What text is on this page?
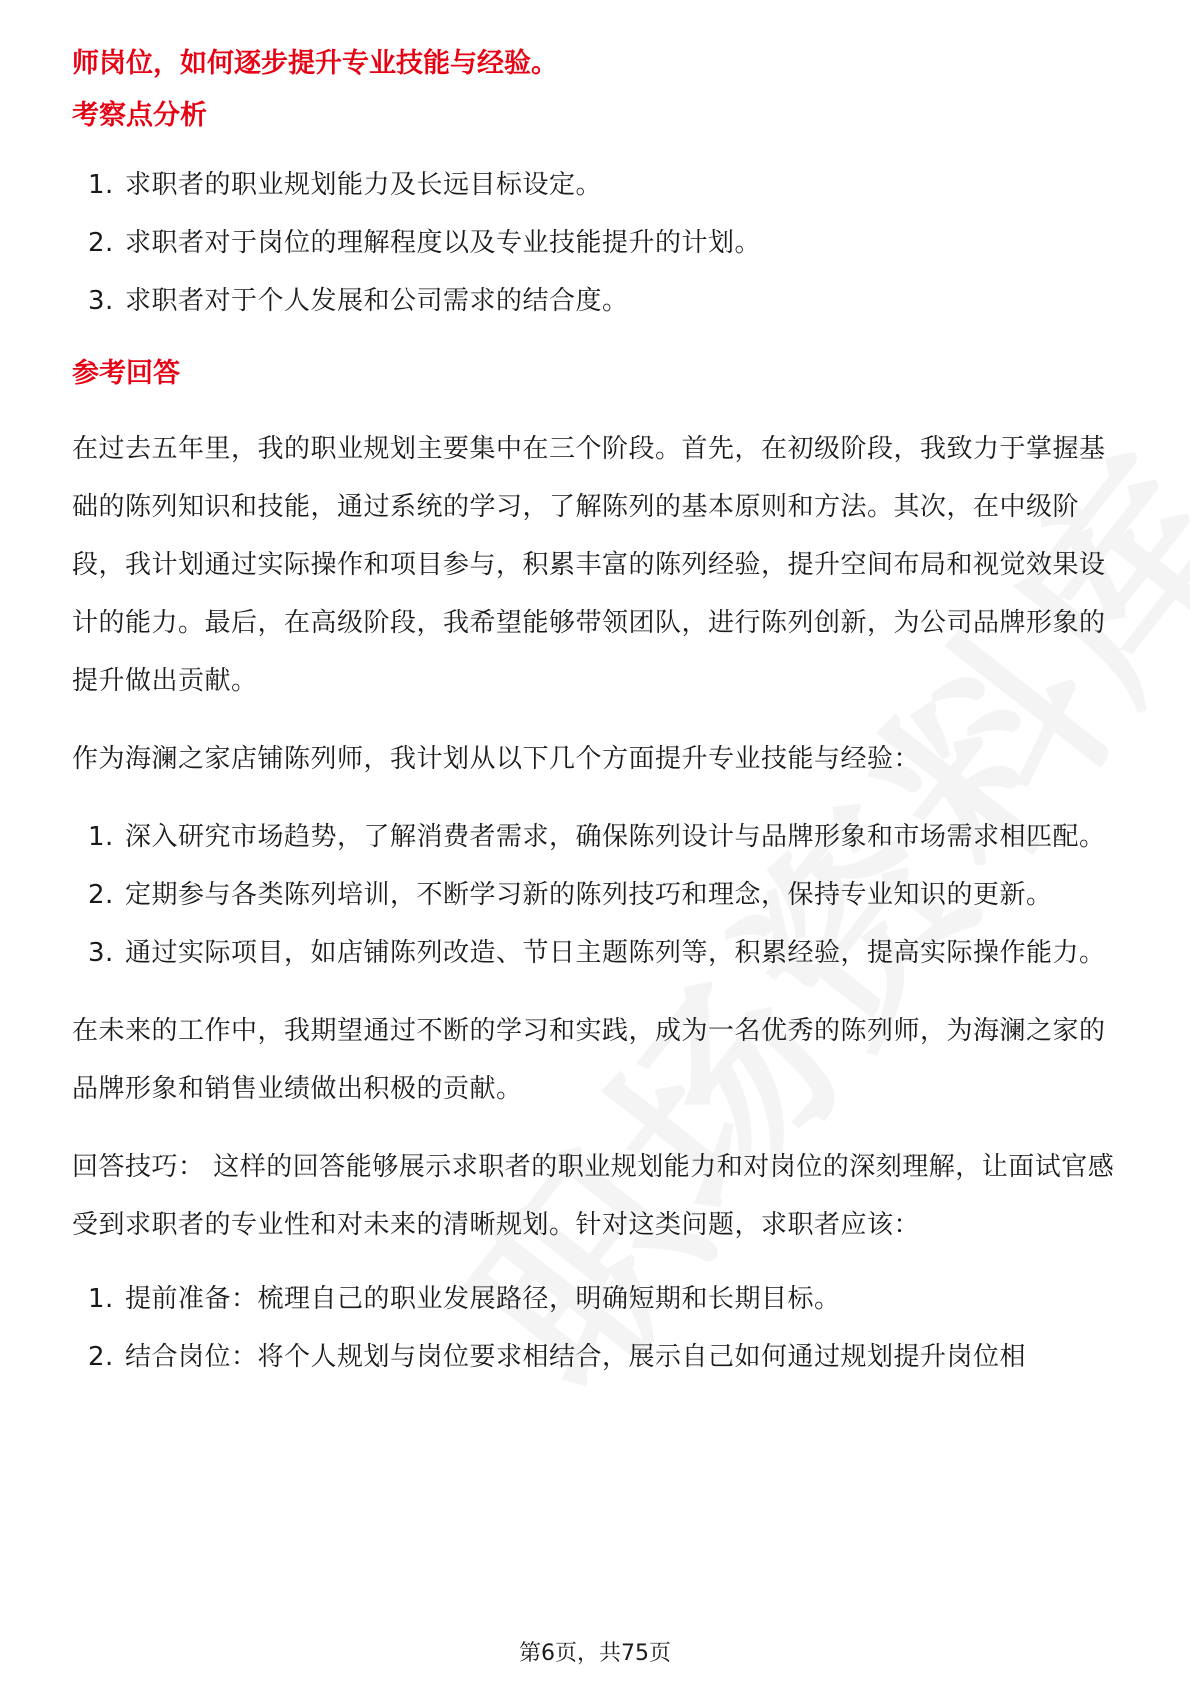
师岗位，如何逐步提升专业技能与经验。

考察点分析

1. 求职者的职业规划能力及长远目标设定。
2. 求职者对于岗位的理解程度以及专业技能提升的计划。
3. 求职者对于个人发展和公司需求的结合度。

参考回答

在过去五年里，我的职业规划主要集中在三个阶段。首先，在初级阶段，我致力于掌握基础的陈列知识和技能，通过系统的学习，了解陈列的基本原则和方法。其次，在中级阶段，我计划通过实际操作和项目参与，积累丰富的陈列经验，提升空间布局和视觉效果设计的能力。最后，在高级阶段，我希望能够带领团队，进行陈列创新，为公司品牌形象的提升做出贡献。

作为海澜之家店铺陈列师，我计划从以下几个方面提升专业技能与经验：

1. 深入研究市场趋势，了解消费者需求，确保陈列设计与品牌形象和市场需求相匹配。
2. 定期参与各类陈列培训，不断学习新的陈列技巧和理念，保持专业知识的更新。
3. 通过实际项目，如店铺陈列改造、节日主题陈列等，积累经验，提高实际操作能力。

在未来的工作中，我期望通过不断的学习和实践，成为一名优秀的陈列师，为海澜之家的品牌形象和销售业绩做出积极的贡献。

回答技巧： 这样的回答能够展示求职者的职业规划能力和对岗位的深刻理解，让面试官感受到求职者的专业性和对未来的清晰规划。针对这类问题，求职者应该：

1. 提前准备：梳理自己的职业发展路径，明确短期和长期目标。
2. 结合岗位：将个人规划与岗位要求相结合，展示自己如何通过规划提升岗位相
第6页，共75页
